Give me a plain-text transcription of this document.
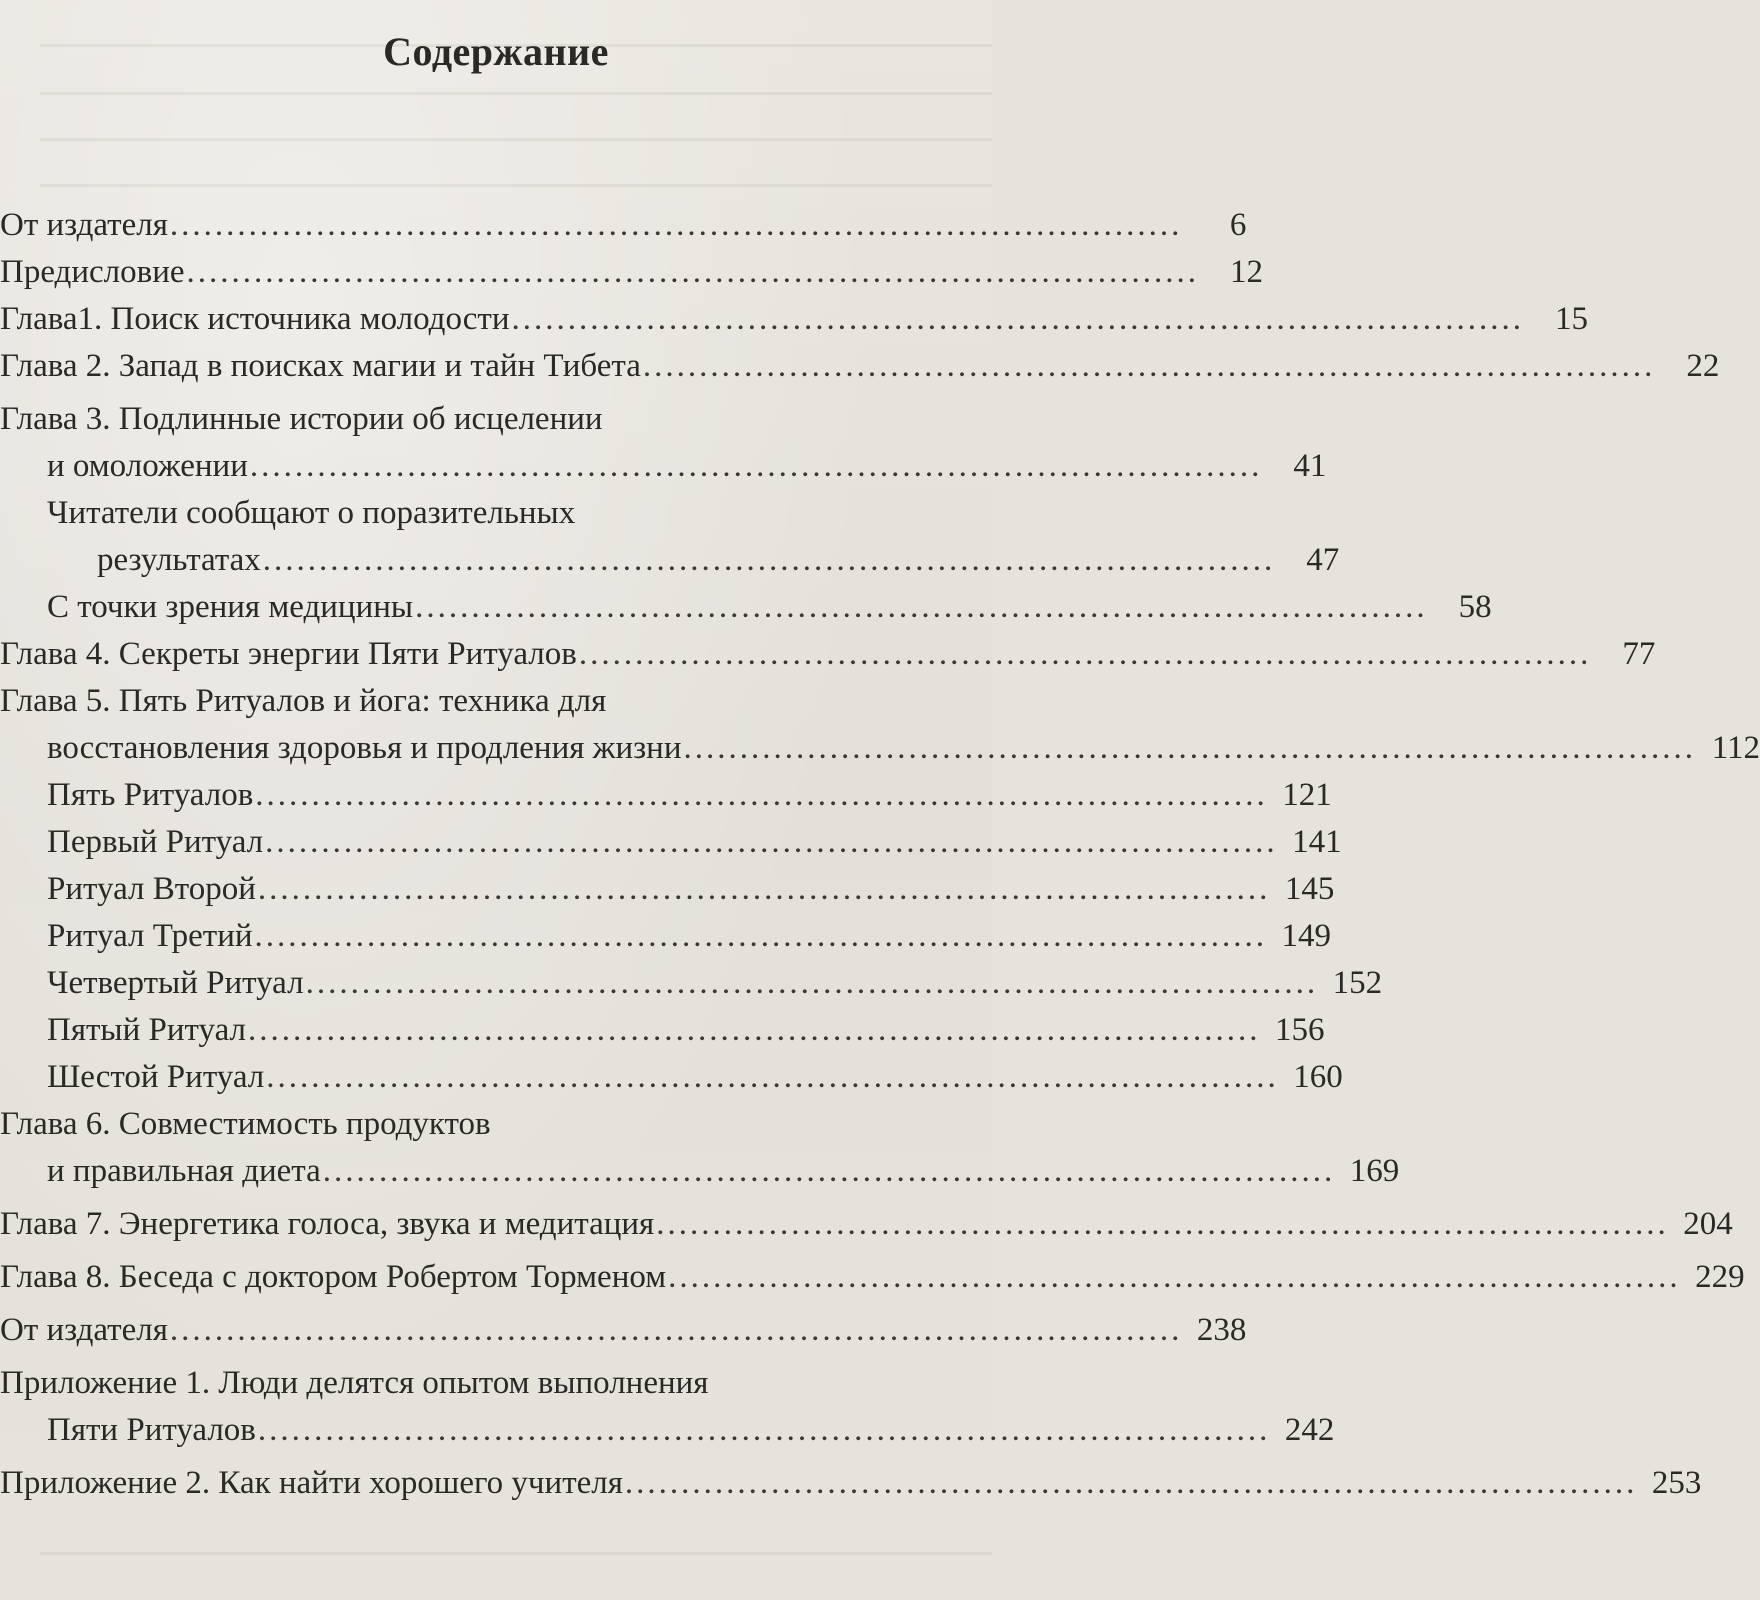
Содержание
От издателя ..........................................................................................	6
Предисловие .......................................................................................... 12
Глава1. Поиск источника молодости .......................................................................................... 15
Глава 2. Запад в поисках магии и тайн Тибета .......................................................................................... 22
Глава 3. Подлинные истории об исцелении
и омоложении .......................................................................................... 41
Читатели сообщают о поразительных
результатах .......................................................................................... 47
С точки зрения медицины .......................................................................................... 58
Глава 4. Секреты энергии Пяти Ритуалов .......................................................................................... 77
Глава 5. Пять Ритуалов и йога: техника для
восстановления здоровья и продления жизни .......................................................................................... 112
Пять Ритуалов .......................................................................................... 121
Первый Ритуал .......................................................................................... 141
Ритуал Второй .......................................................................................... 145
Ритуал Третий .......................................................................................... 149
Четвертый Ритуал .......................................................................................... 152
Пятый Ритуал .......................................................................................... 156
Шестой Ритуал .......................................................................................... 160
Глава 6. Совместимость продуктов
и правильная диета .......................................................................................... 169
Глава 7. Энергетика голоса, звука и медитация .......................................................................................... 204
Глава 8. Беседа с доктором Робертом Торменом .......................................................................................... 229
От издателя .......................................................................................... 238
Приложение 1. Люди делятся опытом выполнения
Пяти Ритуалов .......................................................................................... 242
Приложение 2. Как найти хорошего учителя .......................................................................................... 253
